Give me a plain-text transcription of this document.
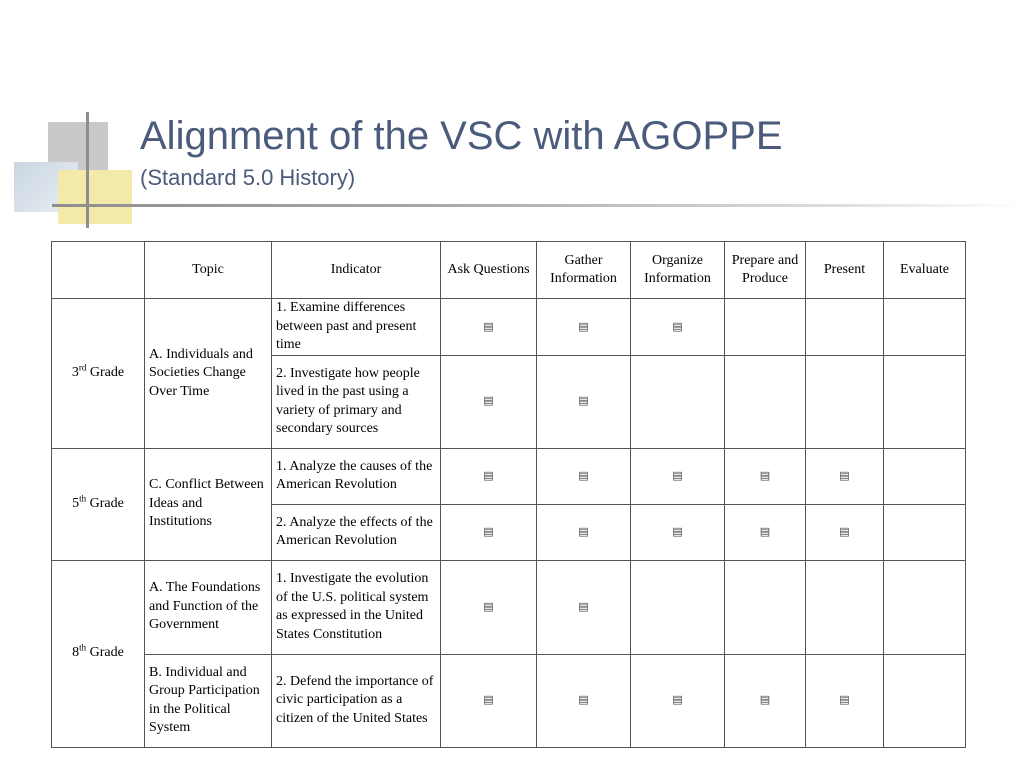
Alignment of the VSC with AGOPPE
(Standard 5.0 History)
	Topic	Indicator	Ask Questions	Gather Information	Organize Information	Prepare and Produce	Present	Evaluate
3rd Grade	A. Individuals and Societies Change Over Time	1. Examine differences between past and present time	▤	▤	▤			
		2. Investigate how people lived in the past using a variety of primary and secondary sources	▤	▤				
5th Grade	C. Conflict Between Ideas and Institutions	1. Analyze the causes of the American Revolution	▤	▤	▤	▤	▤	
		2. Analyze the effects of the American Revolution	▤	▤	▤	▤	▤	
8th Grade	A. The Foundations and Function of the Government	1. Investigate the evolution of the U.S. political system as expressed in the United States Constitution	▤	▤				
	B. Individual and Group Participation in the Political System	2. Defend the importance of civic participation as a citizen of the United States	▤	▤	▤	▤	▤	
